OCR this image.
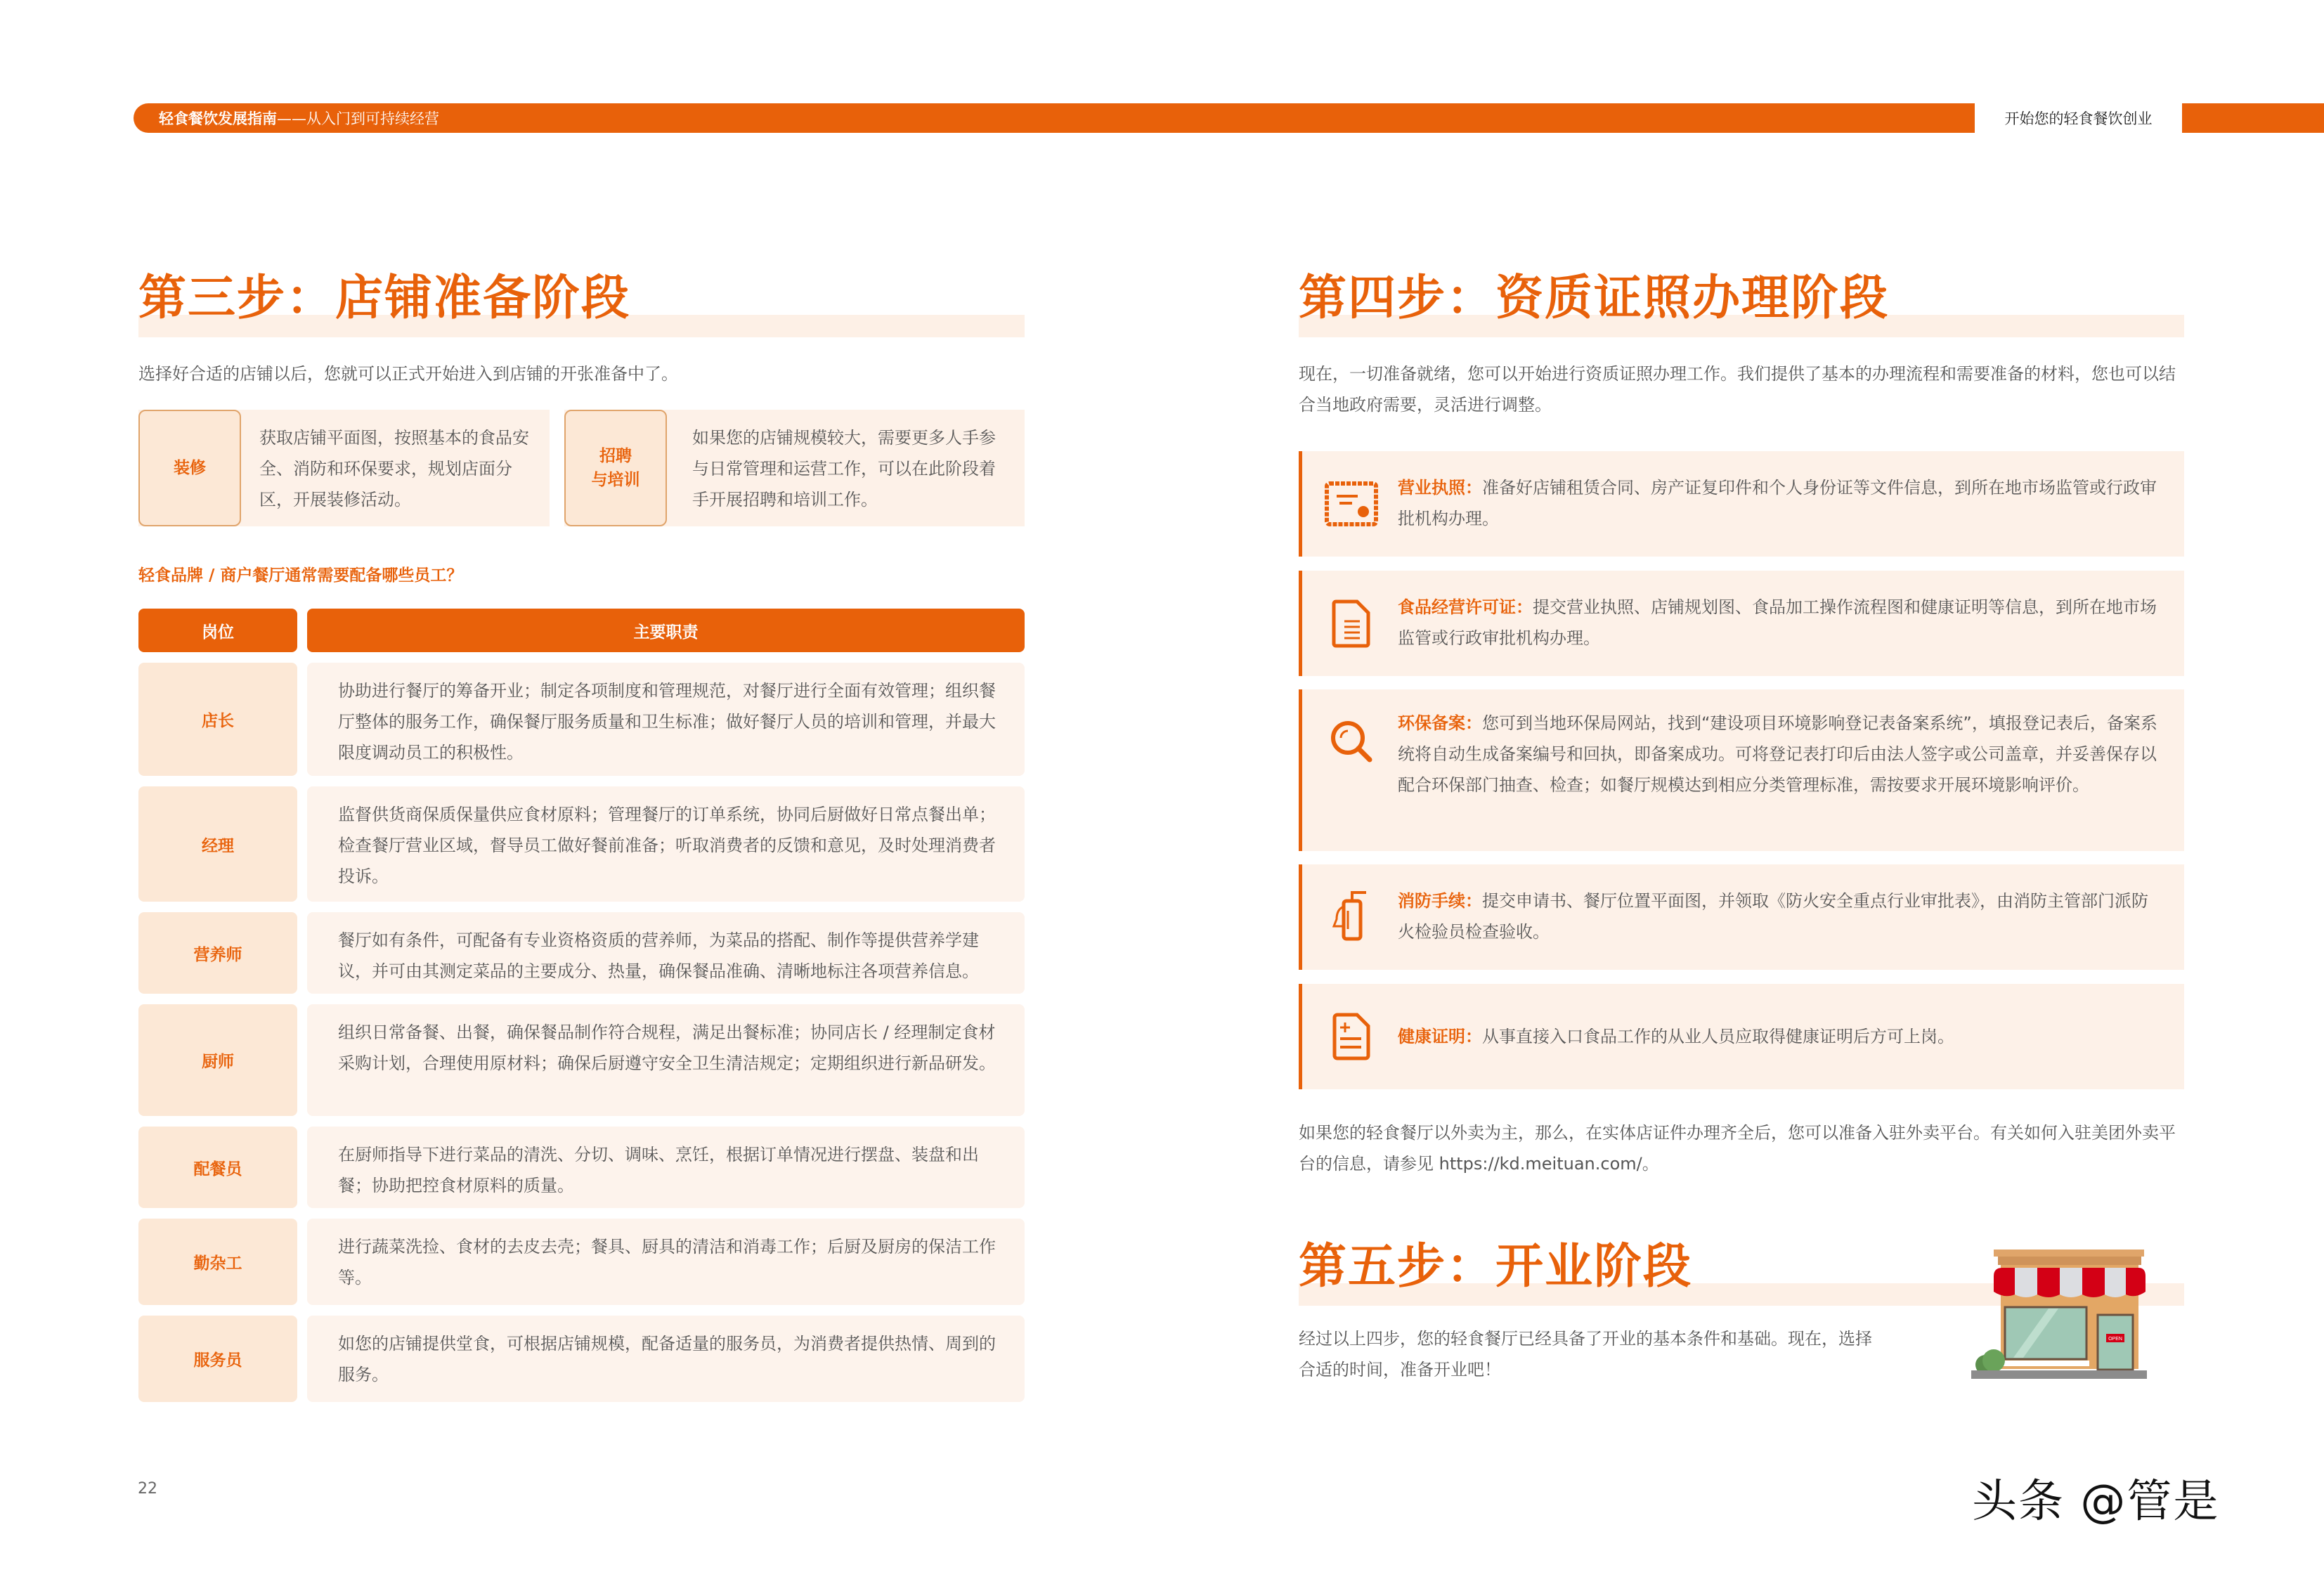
轻食餐饮发展指南 ——从入门到可持续经营	开始您的轻食餐饮创业
第三步：店铺准备阶段
选择好合适的店铺以后，您就可以正式开始进入到店铺的开张准备中了。
装修
获取店铺平面图，按照基本的食品安全、消防和环保要求，规划店面分区，开展装修活动。
招聘
与培训
如果您的店铺规模较大，需要更多人手参与日常管理和运营工作，可以在此阶段着手开展招聘和培训工作。
轻食品牌 / 商户餐厅通常需要配备哪些员工？
岗位	主要职责
店长
协助进行餐厅的筹备开业；制定各项制度和管理规范，对餐厅进行全面有效管理；组织餐厅整体的服务工作，确保餐厅服务质量和卫生标准；做好餐厅人员的培训和管理，并最大限度调动员工的积极性。
经理
监督供货商保质保量供应食材原料；管理餐厅的订单系统，协同后厨做好日常点餐出单；检查餐厅营业区域，督导员工做好餐前准备；听取消费者的反馈和意见，及时处理消费者投诉。
营养师
餐厅如有条件，可配备有专业资格资质的营养师，为菜品的搭配、制作等提供营养学建议，并可由其测定菜品的主要成分、热量，确保餐品准确、清晰地标注各项营养信息。
厨师
组织日常备餐、出餐，确保餐品制作符合规程，满足出餐标准；协同店长 / 经理制定食材采购计划，合理使用原材料；确保后厨遵守安全卫生清洁规定；定期组织进行新品研发。
配餐员
在厨师指导下进行菜品的清洗、分切、调味、烹饪，根据订单情况进行摆盘、装盘和出餐；协助把控食材原料的质量。
勤杂工
进行蔬菜洗捡、食材的去皮去壳；餐具、厨具的清洁和消毒工作；后厨及厨房的保洁工作等。
服务员
如您的店铺提供堂食，可根据店铺规模，配备适量的服务员，为消费者提供热情、周到的服务。
第四步：资质证照办理阶段
现在，一切准备就绪，您可以开始进行资质证照办理工作。我们提供了基本的办理流程和需要准备的材料，您也可以结合当地政府需要，灵活进行调整。
营业执照：准备好店铺租赁合同、房产证复印件和个人身份证等文件信息，到所在地市场监管或行政审批机构办理。
食品经营许可证：提交营业执照、店铺规划图、食品加工操作流程图和健康证明等信息，到所在地市场监管或行政审批机构办理。
环保备案：您可到当地环保局网站，找到“建设项目环境影响登记表备案系统”，填报登记表后，备案系统将自动生成备案编号和回执，即备案成功。可将登记表打印后由法人签字或公司盖章，并妥善保存以配合环保部门抽查、检查；如餐厅规模达到相应分类管理标准，需按要求开展环境影响评价。
消防手续：提交申请书、餐厅位置平面图，并领取《防火安全重点行业审批表》，由消防主管部门派防火检验员检查验收。
健康证明：从事直接入口食品工作的从业人员应取得健康证明后方可上岗。
如果您的轻食餐厅以外卖为主，那么，在实体店证件办理齐全后，您可以准备入驻外卖平台。有关如何入驻美团外卖平台的信息，请参见 https://kd.meituan.com/。
第五步：开业阶段
经过以上四步，您的轻食餐厅已经具备了开业的基本条件和基础。现在，选择合适的时间，准备开业吧！
OPEN
22	头条 @管是
